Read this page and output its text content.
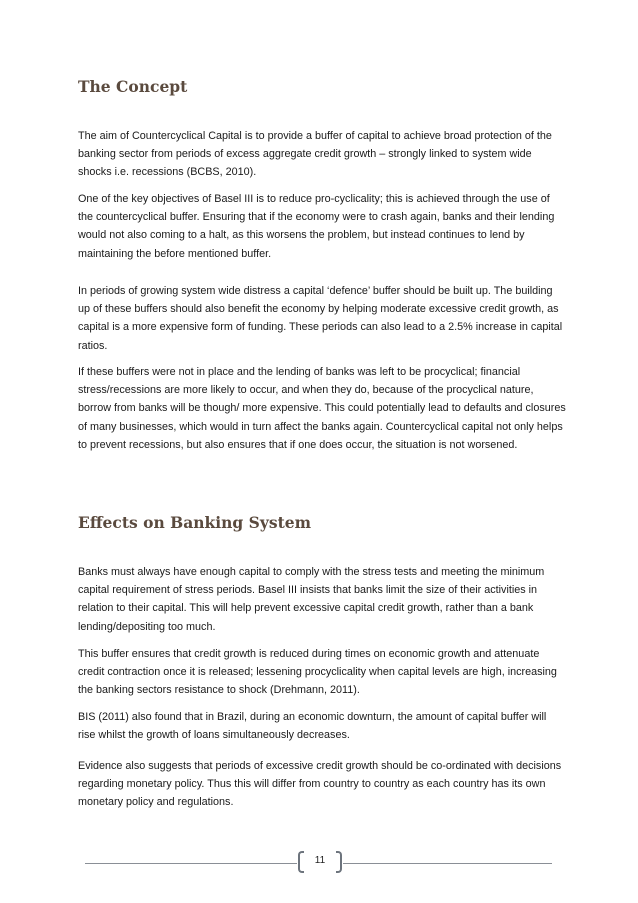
The Concept

The aim of Countercyclical Capital is to provide a buffer of capital to achieve broad protection of the banking sector from periods of excess aggregate credit growth – strongly linked to system wide shocks i.e. recessions (BCBS, 2010).

One of the key objectives of Basel III is to reduce pro-cyclicality; this is achieved through the use of the countercyclical buffer. Ensuring that if the economy were to crash again, banks and their lending would not also coming to a halt, as this worsens the problem, but instead continues to lend by maintaining the before mentioned buffer.

In periods of growing system wide distress a capital ‘defence’ buffer should be built up. The building up of these buffers should also benefit the economy by helping moderate excessive credit growth, as capital is a more expensive form of funding. These periods can also lead to a 2.5% increase in capital ratios.

If these buffers were not in place and the lending of banks was left to be procyclical; financial stress/recessions are more likely to occur, and when they do, because of the procyclical nature, borrow from banks will be though/ more expensive. This could potentially lead to defaults and closures of many businesses, which would in turn affect the banks again. Countercyclical capital not only helps to prevent recessions, but also ensures that if one does occur, the situation is not worsened.

Effects on Banking System

Banks must always have enough capital to comply with the stress tests and meeting the minimum capital requirement of stress periods. Basel III insists that banks limit the size of their activities in relation to their capital. This will help prevent excessive capital credit growth, rather than a bank lending/depositing too much.

This buffer ensures that credit growth is reduced during times on economic growth and attenuate credit contraction once it is released; lessening procyclicality when capital levels are high, increasing the banking sectors resistance to shock (Drehmann, 2011).

BIS (2011) also found that in Brazil, during an economic downturn, the amount of capital buffer will rise whilst the growth of loans simultaneously decreases.

Evidence also suggests that periods of excessive credit growth should be co-ordinated with decisions regarding monetary policy. Thus this will differ from country to country as each country has its own monetary policy and regulations.

11
